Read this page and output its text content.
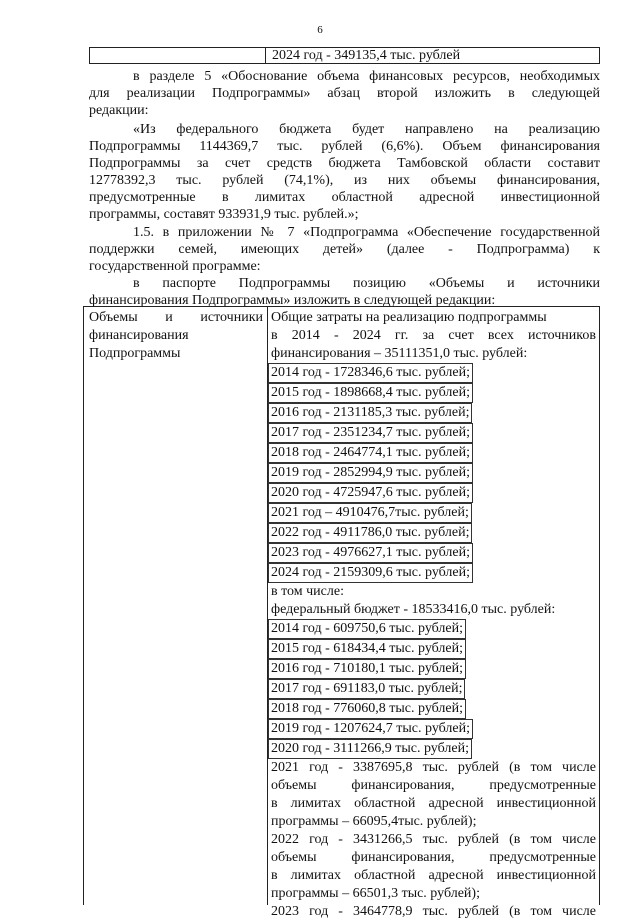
6
2024 год - 349135,4 тыс. рублей
в разделе 5 «Обоснование объема финансовых ресурсов, необходимых
для реализации Подпрограммы» абзац второй изложить в следующей
редакции:
«Из федерального бюджета будет направлено на реализацию
Подпрограммы 1144369,7 тыс. рублей (6,6%). Объем финансирования
Подпрограммы за счет средств бюджета Тамбовской области составит
12778392,3 тыс. рублей (74,1%), из них объемы финансирования,
предусмотренные в лимитах областной адресной инвестиционной
программы, составят 933931,9 тыс. рублей.»;
1.5. в приложении № 7 «Подпрограмма «Обеспечение государственной
поддержки семей, имеющих детей» (далее - Подпрограмма) к
государственной программе:
в паспорте Подпрограммы позицию «Объемы и источники
финансирования Подпрограммы» изложить в следующей редакции:
Объемы и источники
финансирования
Подпрограммы
Общие затраты на реализацию подпрограммы
в 2014 - 2024 гг. за счет всех источников
финансирования – 35111351,0 тыс. рублей:
2014 год - 1728346,6 тыс. рублей;
2015 год - 1898668,4 тыс. рублей;
2016 год - 2131185,3 тыс. рублей;
2017 год - 2351234,7 тыс. рублей;
2018 год - 2464774,1 тыс. рублей;
2019 год - 2852994,9 тыс. рублей;
2020 год - 4725947,6 тыс. рублей;
2021 год – 4910476,7тыс. рублей;
2022 год - 4911786,0 тыс. рублей;
2023 год - 4976627,1 тыс. рублей;
2024 год - 2159309,6 тыс. рублей;
в том числе:
федеральный бюджет - 18533416,0 тыс. рублей:
2014 год - 609750,6 тыс. рублей;
2015 год - 618434,4 тыс. рублей;
2016 год - 710180,1 тыс. рублей;
2017 год - 691183,0 тыс. рублей;
2018 год - 776060,8 тыс. рублей;
2019 год - 1207624,7 тыс. рублей;
2020 год - 3111266,9 тыс. рублей;
2021 год - 3387695,8 тыс. рублей (в том числе
объемы финансирования, предусмотренные
в лимитах областной адресной инвестиционной
программы – 66095,4тыс. рублей);
2022 год - 3431266,5 тыс. рублей (в том числе
объемы финансирования, предусмотренные
в лимитах областной адресной инвестиционной
программы – 66501,3 тыс. рублей);
2023 год - 3464778,9 тыс. рублей (в том числе
